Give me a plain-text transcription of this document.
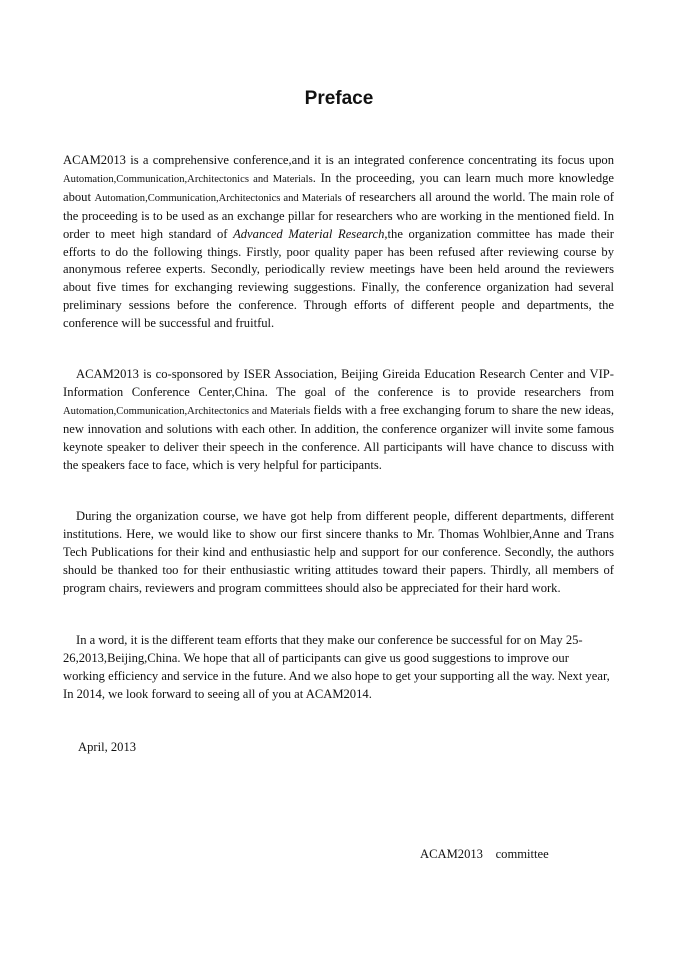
Preface

ACAM2013 is a comprehensive conference,and it is an integrated conference concentrating its focus upon Automation,Communication,Architectonics and Materials. In the proceeding, you can learn much more knowledge about Automation,Communication,Architectonics and Materials of researchers all around the world. The main role of the proceeding is to be used as an exchange pillar for researchers who are working in the mentioned field. In order to meet high standard of Advanced Material Research,the organization committee has made their efforts to do the following things. Firstly, poor quality paper has been refused after reviewing course by anonymous referee experts. Secondly, periodically review meetings have been held around the reviewers about five times for exchanging reviewing suggestions. Finally, the conference organization had several preliminary sessions before the conference. Through efforts of different people and departments, the conference will be successful and fruitful.

ACAM2013 is co-sponsored by ISER Association, Beijing Gireida Education Research Center and VIP-Information Conference Center,China. The goal of the conference is to provide researchers from Automation,Communication,Architectonics and Materials fields with a free exchanging forum to share the new ideas, new innovation and solutions with each other. In addition, the conference organizer will invite some famous keynote speaker to deliver their speech in the conference. All participants will have chance to discuss with the speakers face to face, which is very helpful for participants.

During the organization course, we have got help from different people, different departments, different institutions. Here, we would like to show our first sincere thanks to Mr. Thomas Wohlbier,Anne and Trans Tech Publications for their kind and enthusiastic help and support for our conference. Secondly, the authors should be thanked too for their enthusiastic writing attitudes toward their papers. Thirdly, all members of program chairs, reviewers and program committees should also be appreciated for their hard work.

In a word, it is the different team efforts that they make our conference be successful for on May 25-26,2013,Beijing,China. We hope that all of participants can give us good suggestions to improve our working efficiency and service in the future. And we also hope to get your supporting all the way. Next year, In 2014, we look forward to seeing all of you at ACAM2014.

April, 2013
ACAM2013    committee
